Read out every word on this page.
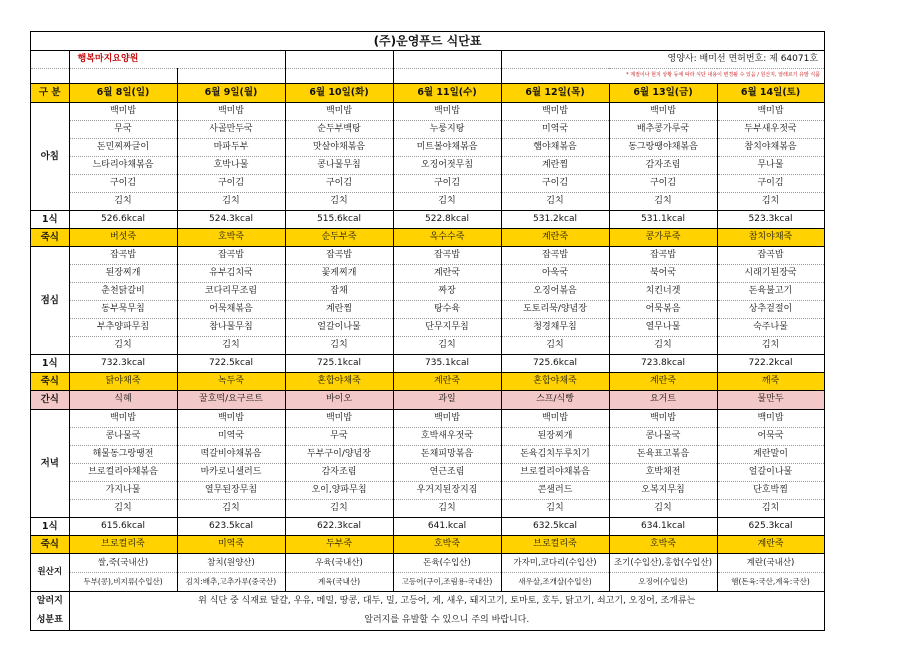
(주)운영푸드 식단표							
	행복마지요양원				영양사: 배미선 면허번호: 제 64071호		
					* 계절이나 현지 상황 등에 따라 식단 내용이 변경될 수 있음 / 원산지, 알레르기 유발 식품		
구 분	6월 8일(일)	6월 9일(월)	6월 10일(화)	6월 11일(수)	6월 12일(목)	6월 13일(금)	6월 14일(토)
아침	백미밥	백미밥	백미밥	백미밥	백미밥	백미밥	백미밥
	무국	사골만두국	순두부백탕	누룽지탕	미역국	배추콩가루국	두부새우젓국
	돈민찌짜글이	마파두부	맛살야채볶음	미트볼야채볶음	햄야채볶음	동그랑땡야채볶음	참치야채볶음
	느타리야채볶음	호박나물	콩나물무침	오징어젓무침	계란찜	감자조림	무나물
	구이김	구이김	구이김	구이김	구이김	구이김	구이김
	김치	김치	김치	김치	김치	김치	김치
1식	526.6kcal	524.3kcal	515.6kcal	522.8kcal	531.2kcal	531.1kcal	523.3kcal
죽식	버섯죽	호박죽	순두부죽	옥수수죽	계란죽	콩가루죽	참치야채죽
점심	잡곡밥	잡곡밥	잡곡밥	잡곡밥	잡곡밥	잡곡밥	잡곡밥
	된장찌개	유부김치국	꽃게찌개	계란국	아욱국	북어국	시래기된장국
	춘천닭갈비	코다리무조림	잡채	짜장	오징어볶음	치킨너겟	돈육불고기
	동부묵무침	어묵채볶음	계란찜	탕수육	도토리묵/양념장	어묵볶음	상추겉절이
	부추양파무침	참나물무침	얼갈이나물	단무지무침	청경채무침	열무나물	숙주나물
	김치	김치	김치	김치	김치	김치	김치
1식	732.3kcal	722.5kcal	725.1kcal	735.1kcal	725.6kcal	723.8kcal	722.2kcal
죽식	닭야채죽	녹두죽	혼합야채죽	계란죽	혼합야채죽	계란죽	깨죽
간식	식혜	꿀호떡/요구르트	바이오	과일	스프/식빵	요거트	물만두
저녁	백미밥	백미밥	백미밥	백미밥	백미밥	백미밥	백미밥
	콩나물국	미역국	무국	호박새우젓국	된장찌개	콩나물국	어묵국
	해물동그랑땡전	떡갈비야채볶음	두부구이/양념장	돈채피망볶음	돈육김치두루치기	돈육표고볶음	계란말이
	브로컬리야채볶음	마카로니샐러드	감자조림	연근조림	브로컬리야채볶음	호박채전	얼갈이나물
	가지나물	열무된장무침	오이,양파무침	우거지된장지짐	콘샐러드	오복지무침	단호박찜
	김치	김치	김치	김치	김치	김치	김치
1식	615.6kcal	623.5kcal	622.3kcal	641.kcal	632.5kcal	634.1kcal	625.3kcal
죽식	브로컬리죽	미역죽	두부죽	호박죽	브로컬리죽	호박죽	계란죽
원산지	쌀,죽(국내산)	참치(원양산)	우육(국내산)	돈육(수입산)	가자미,코다리(수입산)	조기(수입산),홍합(수입산)	계란(국내산)
	두부(콩),비지류(수입산)	김치:배추,고추가루(중국산)	계육(국내산)	고등어(구이,조림용-국내산)	새우살,조개살(수입산)	오징어(수입산)	햄(돈육:국산,계육:국산)
알러지	위 식단 중 식재료 달걀, 우유, 메밀, 땅콩, 대두, 밀, 고등어, 게, 새우, 돼지고기, 토마토, 호두, 닭고기, 쇠고기, 오징어, 조개류는						
성분표	알러지를 유발할 수 있으니 주의 바랍니다.						
